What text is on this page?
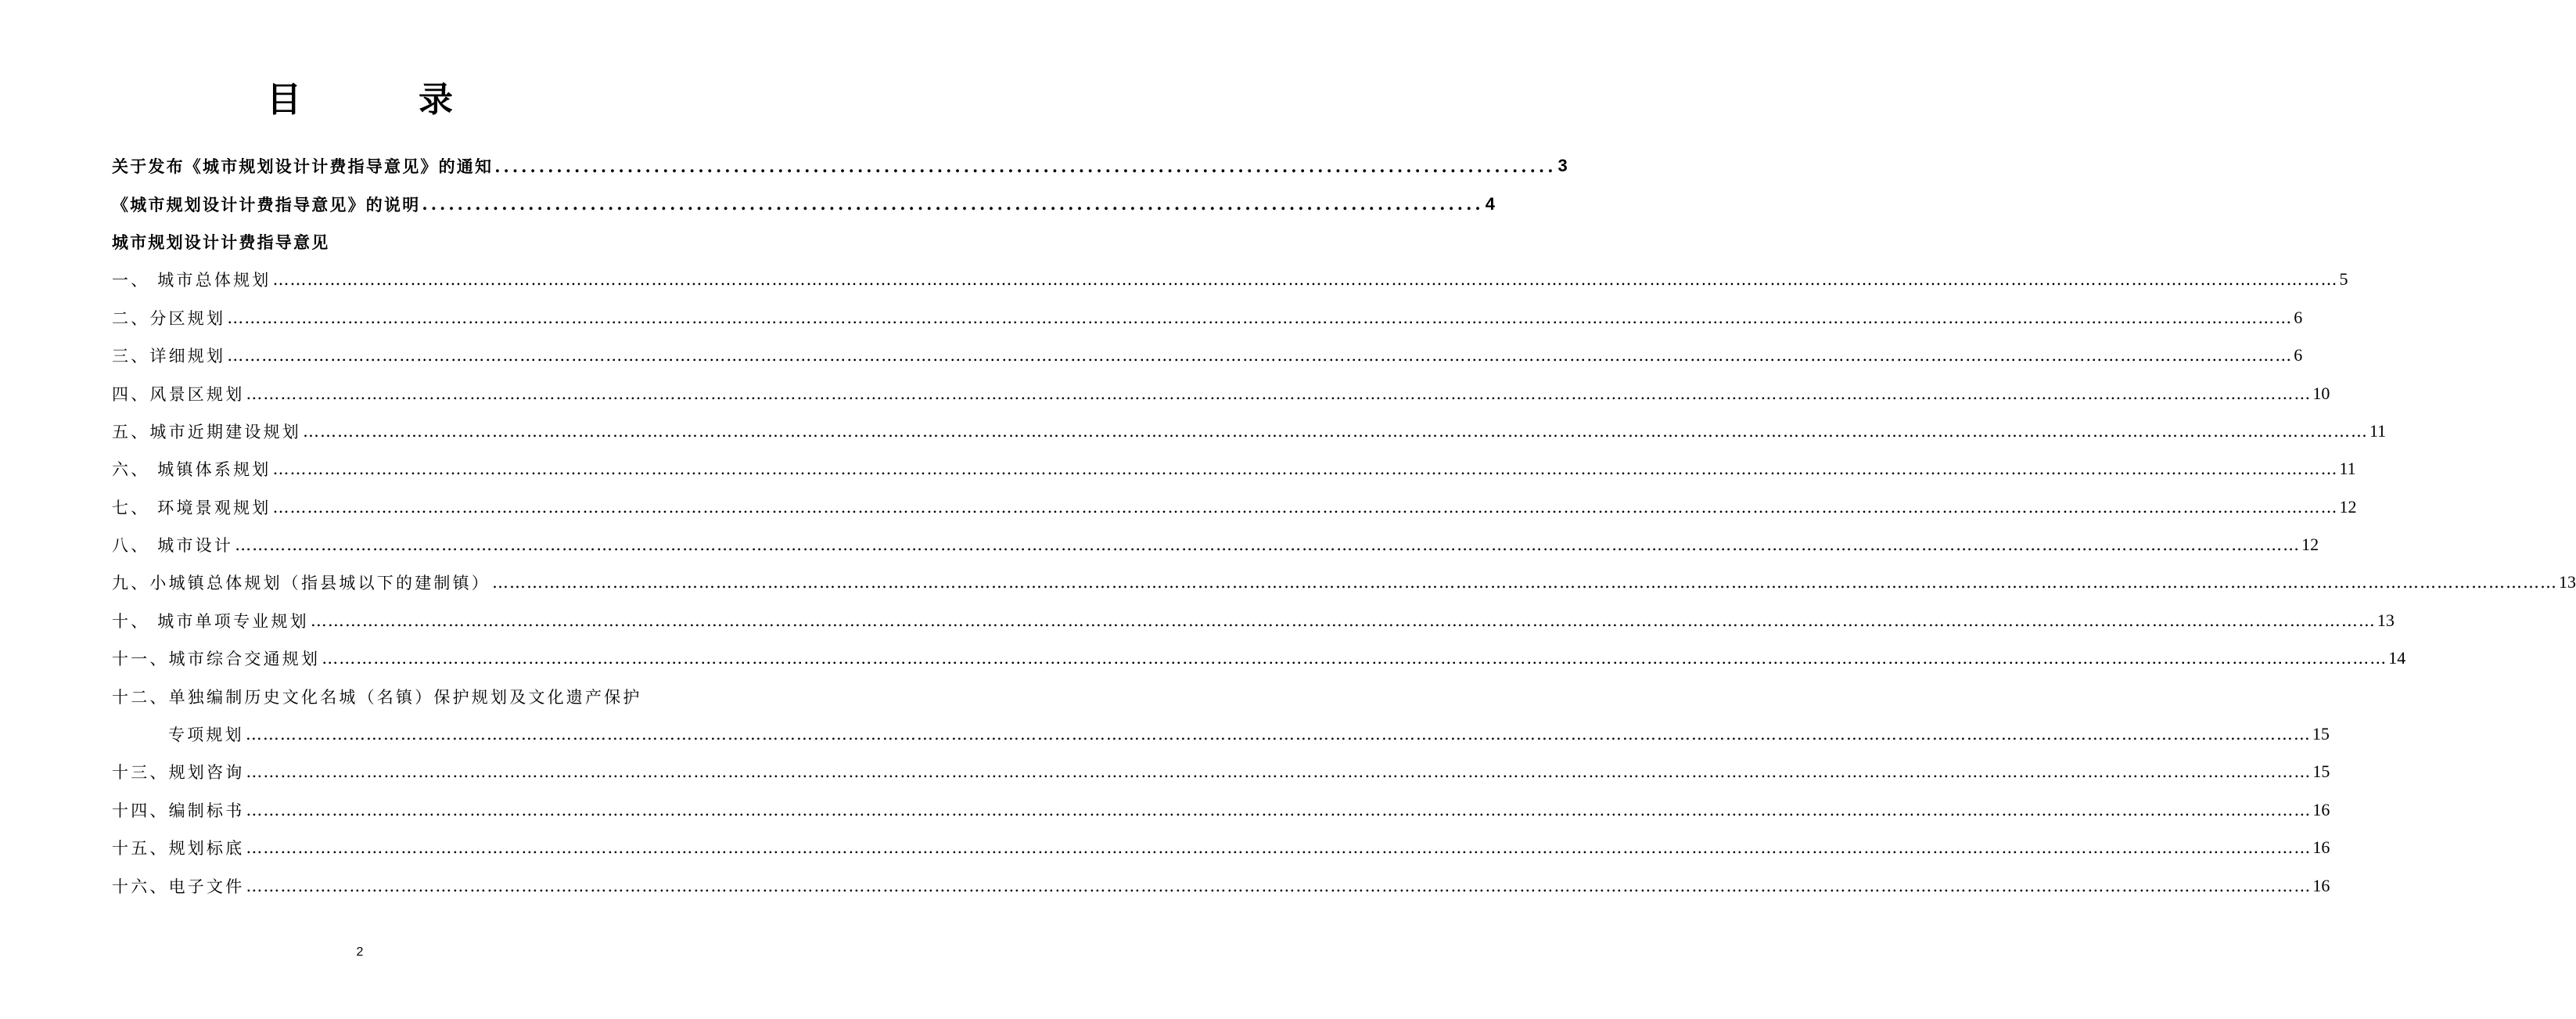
目	录
关于发布《城市规划设计计费指导意见》的通知 ........................................................................................................................ 3
《城市规划设计计费指导意见》的说明 ........................................................................................................................ 4
城市规划设计计费指导意见
一、 城市总体规划 ……………………………………………………………………………………………………………………………………………………………………………………………………………………………………………………………………………………………………………………………… 5
二、分区规划 ……………………………………………………………………………………………………………………………………………………………………………………………………………………………………………………………………………………………………………………………… 6
三、详细规划 ……………………………………………………………………………………………………………………………………………………………………………………………………………………………………………………………………………………………………………………………… 6
四、风景区规划 ……………………………………………………………………………………………………………………………………………………………………………………………………………………………………………………………………………………………………………………………… 10
五、城市近期建设规划 ……………………………………………………………………………………………………………………………………………………………………………………………………………………………………………………………………………………………………………………………… 11
六、 城镇体系规划 ……………………………………………………………………………………………………………………………………………………………………………………………………………………………………………………………………………………………………………………………… 11
七、 环境景观规划 ……………………………………………………………………………………………………………………………………………………………………………………………………………………………………………………………………………………………………………………………… 12
八、 城市设计 ……………………………………………………………………………………………………………………………………………………………………………………………………………………………………………………………………………………………………………………………… 12
九、小城镇总体规划（指县城以下的建制镇） ……………………………………………………………………………………………………………………………………………………………………………………………………………………………………………………………………………………………………………………………… 13
十、 城市单项专业规划 ……………………………………………………………………………………………………………………………………………………………………………………………………………………………………………………………………………………………………………………………… 13
十一、城市综合交通规划 ……………………………………………………………………………………………………………………………………………………………………………………………………………………………………………………………………………………………………………………………… 14
十二、单独编制历史文化名城（名镇）保护规划及文化遗产保护
专项规划 ……………………………………………………………………………………………………………………………………………………………………………………………………………………………………………………………………………………………………………………………… 15
十三、规划咨询 ……………………………………………………………………………………………………………………………………………………………………………………………………………………………………………………………………………………………………………………………… 15
十四、编制标书 ……………………………………………………………………………………………………………………………………………………………………………………………………………………………………………………………………………………………………………………………… 16
十五、规划标底 ……………………………………………………………………………………………………………………………………………………………………………………………………………………………………………………………………………………………………………………………… 16
十六、电子文件 ……………………………………………………………………………………………………………………………………………………………………………………………………………………………………………………………………………………………………………………………… 16
2
